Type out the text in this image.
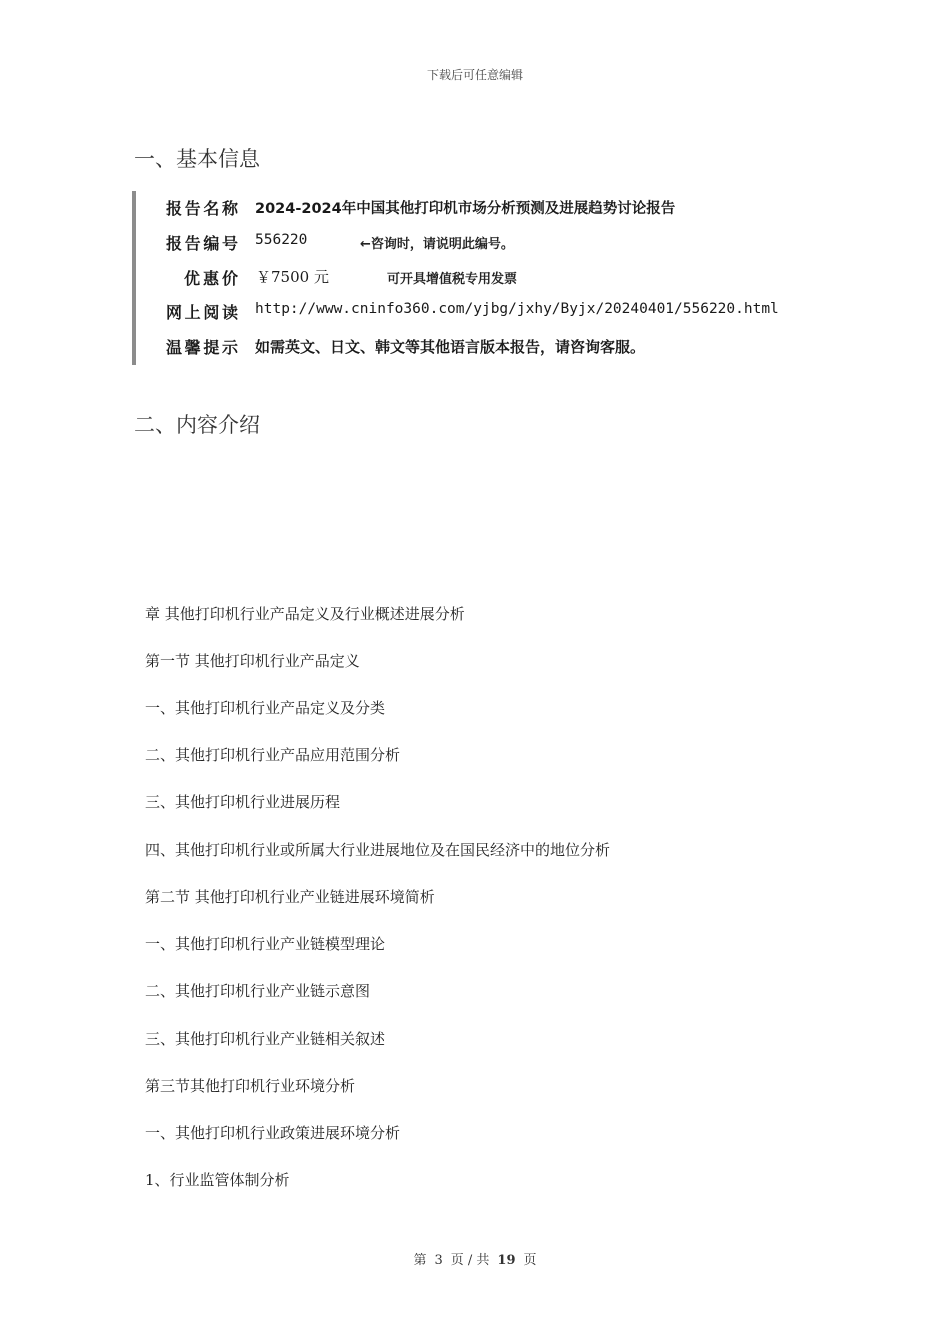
下载后可任意编辑
一、基本信息
报告名称 2024-2024年中国其他打印机市场分析预测及进展趋势讨论报告
报告编号 556220	←咨询时，请说明此编号。
优惠价 ￥7500 元	可开具增值税专用发票
网上阅读 http://www.cninfo360.com/yjbg/jxhy/Byjx/20240401/556220.html
温馨提示 如需英文、日文、韩文等其他语言版本报告，请咨询客服。
二、内容介绍
章 其他打印机行业产品定义及行业概述进展分析
第一节 其他打印机行业产品定义
一、其他打印机行业产品定义及分类
二、其他打印机行业产品应用范围分析
三、其他打印机行业进展历程
四、其他打印机行业或所属大行业进展地位及在国民经济中的地位分析
第二节 其他打印机行业产业链进展环境简析
一、其他打印机行业产业链模型理论
二、其他打印机行业产业链示意图
三、其他打印机行业产业链相关叙述
第三节其他打印机行业环境分析
一、其他打印机行业政策进展环境分析
1、行业监管体制分析
第 3 页 / 共 19 页
